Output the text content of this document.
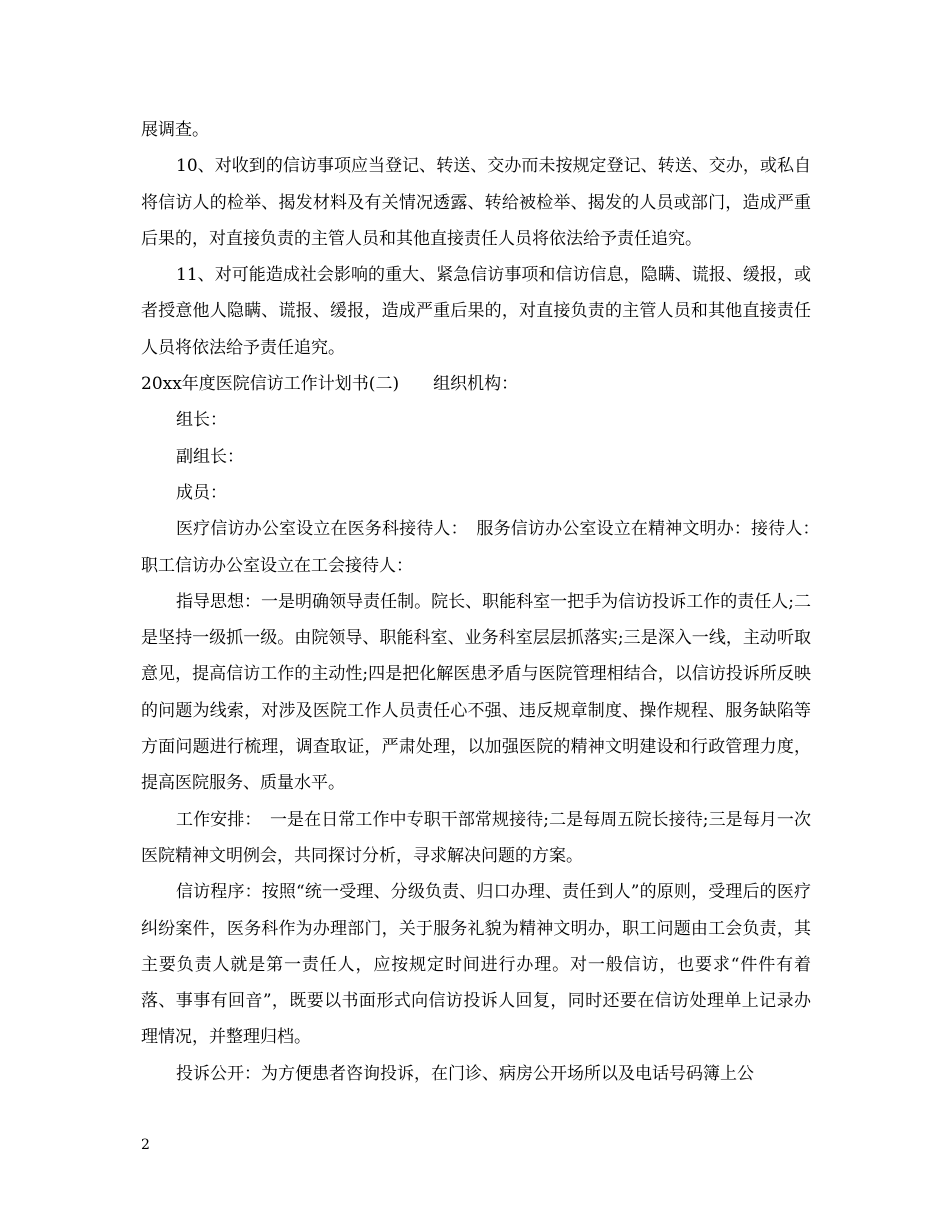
展调查。

10、对收到的信访事项应当登记、转送、交办而未按规定登记、转送、交办，或私自将信访人的检举、揭发材料及有关情况透露、转给被检举、揭发的人员或部门，造成严重后果的，对直接负责的主管人员和其他直接责任人员将依法给予责任追究。

11、对可能造成社会影响的重大、紧急信访事项和信访信息，隐瞒、谎报、缓报，或者授意他人隐瞒、谎报、缓报，造成严重后果的，对直接负责的主管人员和其他直接责任人员将依法给予责任追究。

20xx年度医院信访工作计划书(二)　　组织机构：

组长：

副组长：

成员：

医疗信访办公室设立在医务科接待人：　服务信访办公室设立在精神文明办：接待人：　职工信访办公室设立在工会接待人：

指导思想：一是明确领导责任制。院长、职能科室一把手为信访投诉工作的责任人;二是坚持一级抓一级。由院领导、职能科室、业务科室层层抓落实;三是深入一线，主动听取意见，提高信访工作的主动性;四是把化解医患矛盾与医院管理相结合，以信访投诉所反映的问题为线索，对涉及医院工作人员责任心不强、违反规章制度、操作规程、服务缺陷等方面问题进行梳理，调查取证，严肃处理，以加强医院的精神文明建设和行政管理力度，提高医院服务、质量水平。

工作安排：　一是在日常工作中专职干部常规接待;二是每周五院长接待;三是每月一次医院精神文明例会，共同探讨分析，寻求解决问题的方案。

信访程序：按照“统一受理、分级负责、归口办理、责任到人”的原则，受理后的医疗纠纷案件，医务科作为办理部门，关于服务礼貌为精神文明办，职工问题由工会负责，其主要负责人就是第一责任人，应按规定时间进行办理。对一般信访，也要求“件件有着落、事事有回音”，既要以书面形式向信访投诉人回复，同时还要在信访处理单上记录办理情况，并整理归档。

投诉公开：为方便患者咨询投诉，在门诊、病房公开场所以及电话号码簿上公

2
